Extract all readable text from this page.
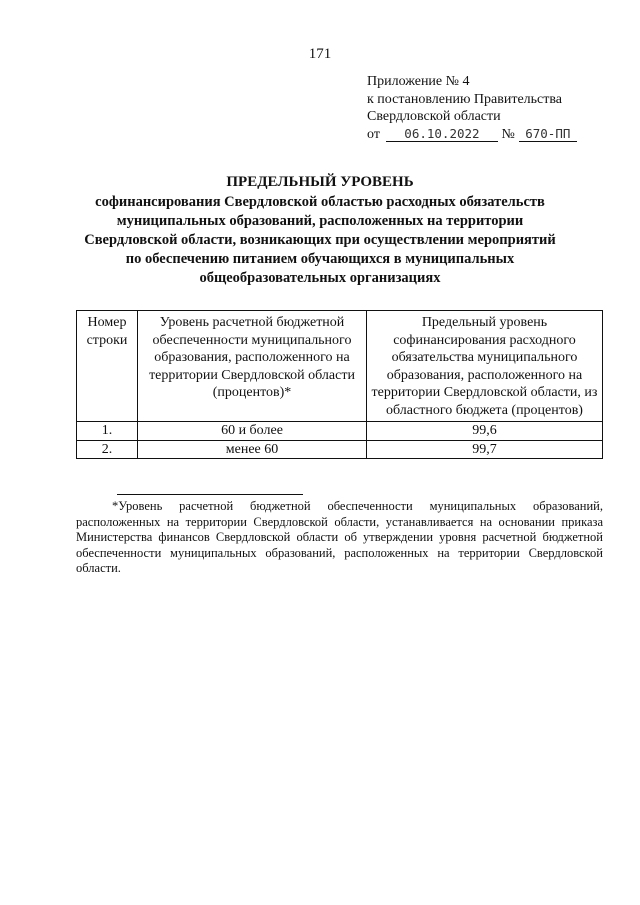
171
Приложение № 4
к постановлению Правительства
Свердловской области
от 06.10.2022 № 670-ПП
ПРЕДЕЛЬНЫЙ УРОВЕНЬ
софинансирования Свердловской областью расходных обязательств
муниципальных образований, расположенных на территории
Свердловской области, возникающих при осуществлении мероприятий
по обеспечению питанием обучающихся в муниципальных
общеобразовательных организациях
Номер строки	Уровень расчетной бюджетной обеспеченности муниципального образования, расположенного на территории Свердловской области (процентов)*	Предельный уровень софинансирования расходного обязательства муниципального образования, расположенного на территории Свердловской области, из областного бюджета (процентов)
1.	60 и более	99,6
2.	менее 60	99,7
*Уровень расчетной бюджетной обеспеченности муниципальных образований, расположенных на территории Свердловской области, устанавливается на основании приказа Министерства финансов Свердловской области об утверждении уровня расчетной бюджетной обеспеченности муниципальных образований, расположенных на территории Свердловской области.
